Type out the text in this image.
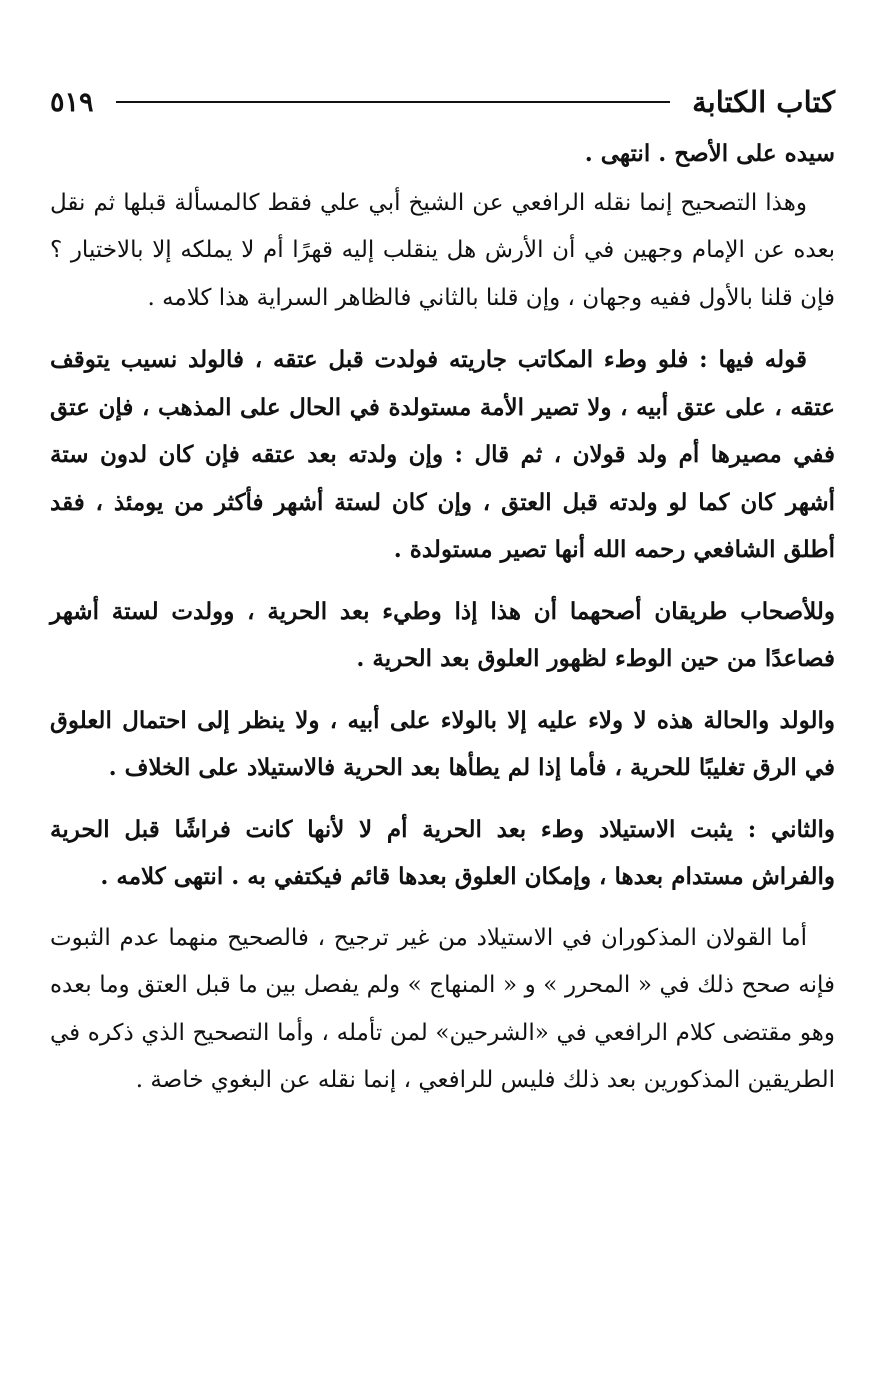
كتاب الكتابة
٥١٩

سيده على الأصح . انتهى .

وهذا التصحيح إنما نقله الرافعي عن الشيخ أبي علي فقط كالمسألة قبلها ثم نقل بعده عن الإمام وجهين في أن الأرش هل ينقلب إليه قهرًا أم لا يملكه إلا بالاختيار ؟ فإن قلنا بالأول ففيه وجهان ، وإن قلنا بالثاني فالظاهر السراية هذا كلامه .

قوله فيها : فلو وطء المكاتب جاريته فولدت قبل عتقه ، فالولد نسيب يتوقف عتقه ، على عتق أبيه ، ولا تصير الأمة مستولدة في الحال على المذهب ، فإن عتق ففي مصيرها أم ولد قولان ، ثم قال : وإن ولدته بعد عتقه فإن كان لدون ستة أشهر كان كما لو ولدته قبل العتق ، وإن كان لستة أشهر فأكثر من يومئذ ، فقد أطلق الشافعي رحمه الله أنها تصير مستولدة .

وللأصحاب طريقان أصحهما أن هذا إذا وطيء بعد الحرية ، وولدت لستة أشهر فصاعدًا من حين الوطء لظهور العلوق بعد الحرية .

والولد والحالة هذه لا ولاء عليه إلا بالولاء على أبيه ، ولا ينظر إلى احتمال العلوق في الرق تغليبًا للحرية ، فأما إذا لم يطأها بعد الحرية فالاستيلاد على الخلاف .

والثاني : يثبت الاستيلاد وطء بعد الحرية أم لا لأنها كانت فراشًا قبل الحرية والفراش مستدام بعدها ، وإمكان العلوق بعدها قائم فيكتفي به . انتهى كلامه .

أما القولان المذكوران في الاستيلاد من غير ترجيح ، فالصحيح منهما عدم الثبوت فإنه صحح ذلك في « المحرر » و « المنهاج » ولم يفصل بين ما قبل العتق وما بعده وهو مقتضى كلام الرافعي في «الشرحين» لمن تأمله ، وأما التصحيح الذي ذكره في الطريقين المذكورين بعد ذلك فليس للرافعي ، إنما نقله عن البغوي خاصة .
